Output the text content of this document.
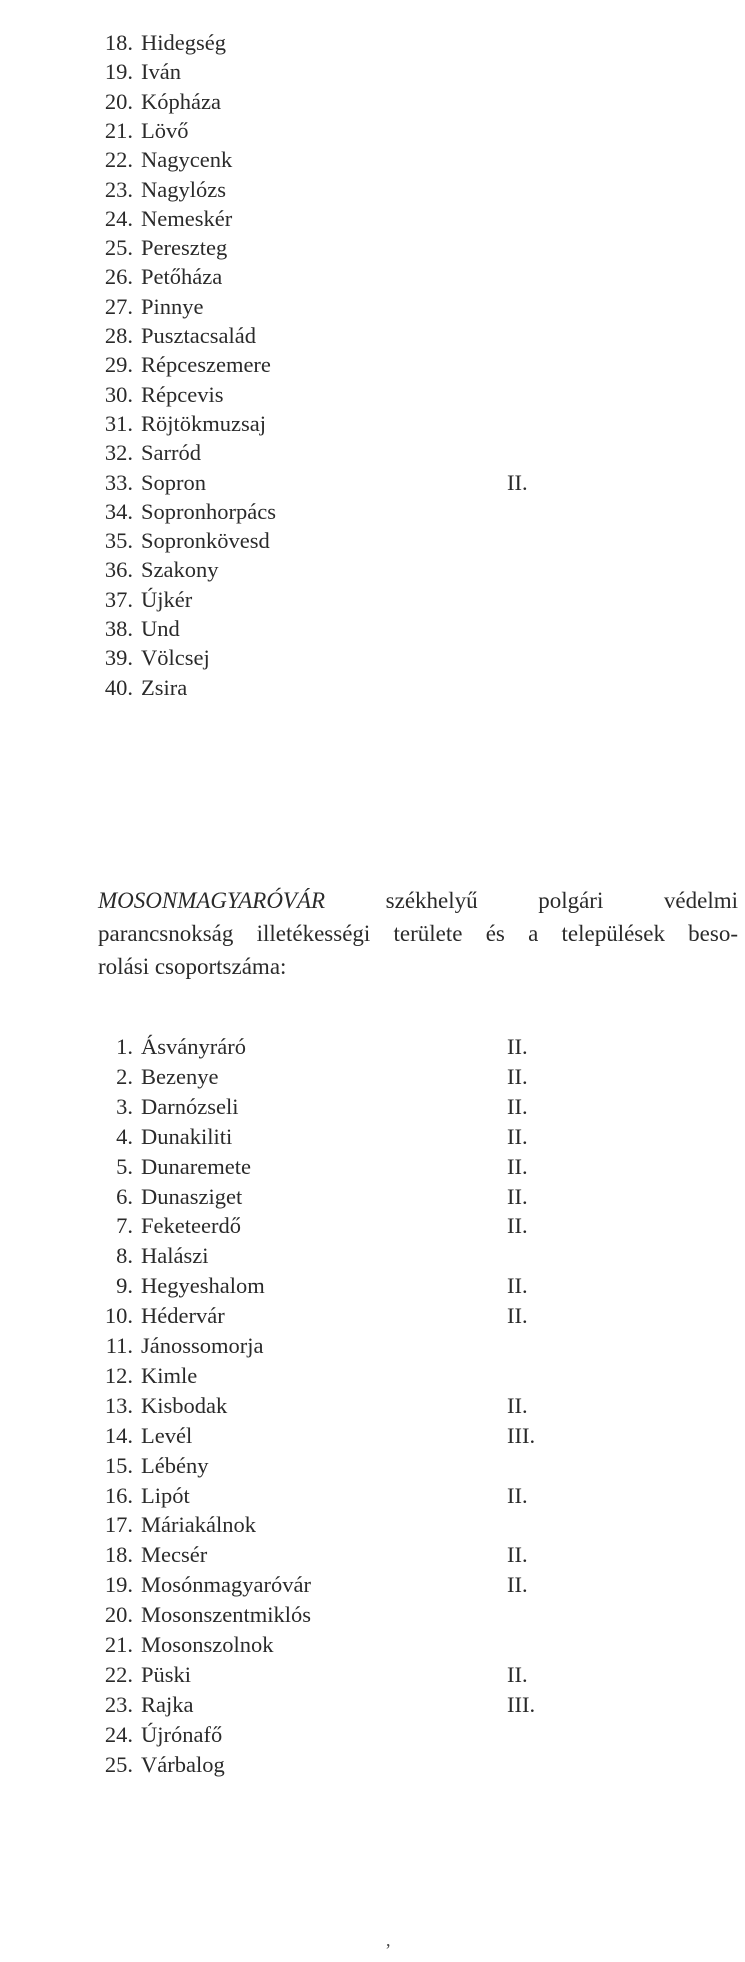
18. Hidegség
19. Iván
20. Kópháza
21. Lövő
22. Nagycenk
23. Nagylózs
24. Nemeskér
25. Pereszteg
26. Petőháza
27. Pinnye
28. Pusztacsalád
29. Répceszemere
30. Répcevis
31. Röjtökmuzsaj
32. Sarród
33. Sopron	II.
34. Sopronhorpács
35. Sopronkövesd
36. Szakony
37. Újkér
38. Und
39. Völcsej
40. Zsira
MOSONMAGYARÓVÁR székhelyű polgári védelmi
parancsnokság illetékességi területe és a települések beso-
rolási csoportszáma:
1. Ásványráró	II.
2. Bezenye	II.
3. Darnózseli	II.
4. Dunakiliti	II.
5. Dunaremete	II.
6. Dunasziget	II.
7. Feketeerdő	II.
8. Halászi
9. Hegyeshalom	II.
10. Hédervár	II.
11. Jánossomorja
12. Kimle
13. Kisbodak	II.
14. Levél	III.
15. Lébény
16. Lipót	II.
17. Máriakálnok
18. Mecsér	II.
19. Mosónmagyaróvár	II.
20. Mosonszentmiklós
21. Mosonszolnok
22. Püski	II.
23. Rajka	III.
24. Újrónafő
25. Várbalog
,
